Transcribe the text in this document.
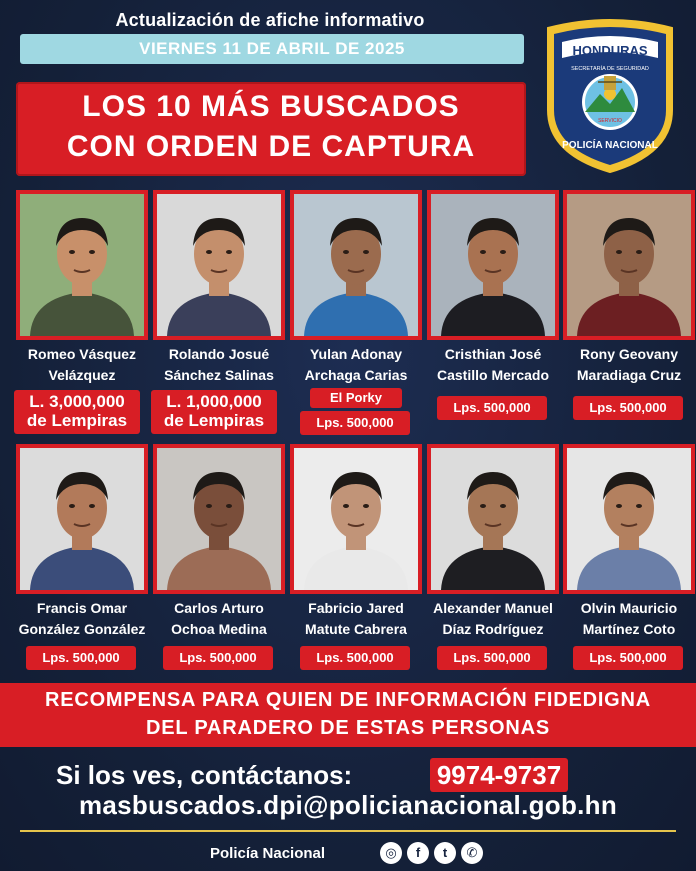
Actualización de afiche informativo
VIERNES 11 DE ABRIL DE 2025
LOS 10 MÁS BUSCADOS
CON ORDEN DE CAPTURA
HONDURAS
SECRETARÍA DE SEGURIDAD
SERVICIO
POLICÍA NACIONAL
Romeo Vásquez
Velázquez
L. 3,000,000
de Lempiras
Rolando Josué
Sánchez Salinas
L. 1,000,000
de Lempiras
Yulan Adonay
Archaga Carias
El Porky
Lps. 500,000
Cristhian José
Castillo Mercado
Lps. 500,000
Rony Geovany
Maradiaga Cruz
Lps. 500,000
Francis Omar
González González
Lps. 500,000
Carlos Arturo
Ochoa Medina
Lps. 500,000
Fabricio Jared
Matute Cabrera
Lps. 500,000
Alexander Manuel
Díaz Rodríguez
Lps. 500,000
Olvin Mauricio
Martínez Coto
Lps. 500,000
RECOMPENSA PARA QUIEN DE INFORMACIÓN FIDEDIGNA
DEL PARADERO DE ESTAS PERSONAS
Si los ves, contáctanos:	9974-9737
masbuscados.dpi@policianacional.gob.hn
Policía Nacional	◎	f	t	✆
